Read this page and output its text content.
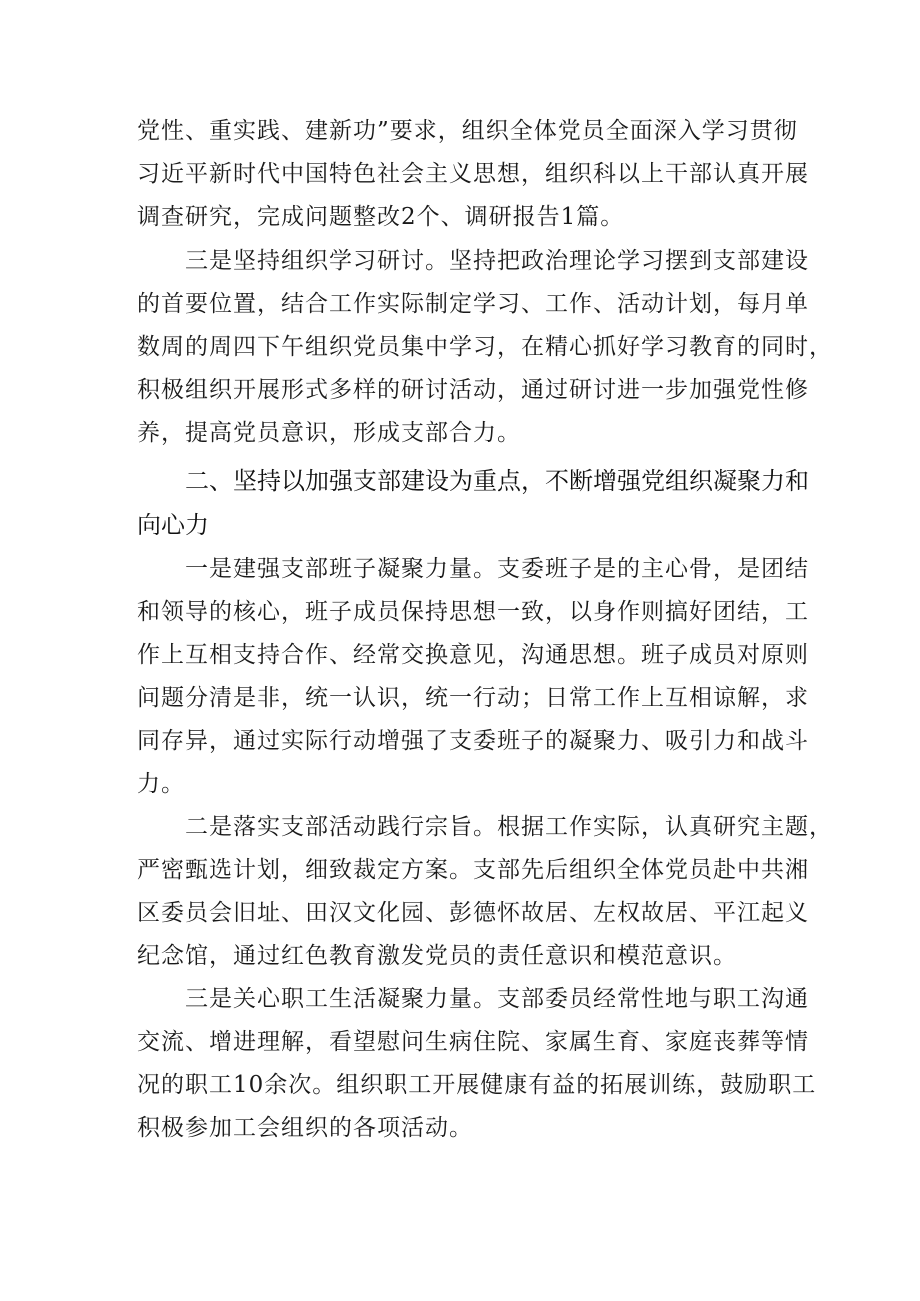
党性、重实践、建新功”要求，组织全体党员全面深入学习贯彻
习近平新时代中国特色社会主义思想，组织科以上干部认真开展
调查研究，完成问题整改2个、调研报告1篇。
三是坚持组织学习研讨。坚持把政治理论学习摆到支部建设
的首要位置，结合工作实际制定学习、工作、活动计划，每月单
数周的周四下午组织党员集中学习，在精心抓好学习教育的同时，
积极组织开展形式多样的研讨活动，通过研讨进一步加强党性修
养，提高党员意识，形成支部合力。
二、坚持以加强支部建设为重点，不断增强党组织凝聚力和
向心力
一是建强支部班子凝聚力量。支委班子是的主心骨，是团结
和领导的核心，班子成员保持思想一致，以身作则搞好团结，工
作上互相支持合作、经常交换意见，沟通思想。班子成员对原则
问题分清是非，统一认识，统一行动；日常工作上互相谅解，求
同存异，通过实际行动增强了支委班子的凝聚力、吸引力和战斗
力。
二是落实支部活动践行宗旨。根据工作实际，认真研究主题，
严密甄选计划，细致裁定方案。支部先后组织全体党员赴中共湘
区委员会旧址、田汉文化园、彭德怀故居、左权故居、平江起义
纪念馆，通过红色教育激发党员的责任意识和模范意识。
三是关心职工生活凝聚力量。支部委员经常性地与职工沟通
交流、增进理解，看望慰问生病住院、家属生育、家庭丧葬等情
况的职工10余次。组织职工开展健康有益的拓展训练，鼓励职工
积极参加工会组织的各项活动。
